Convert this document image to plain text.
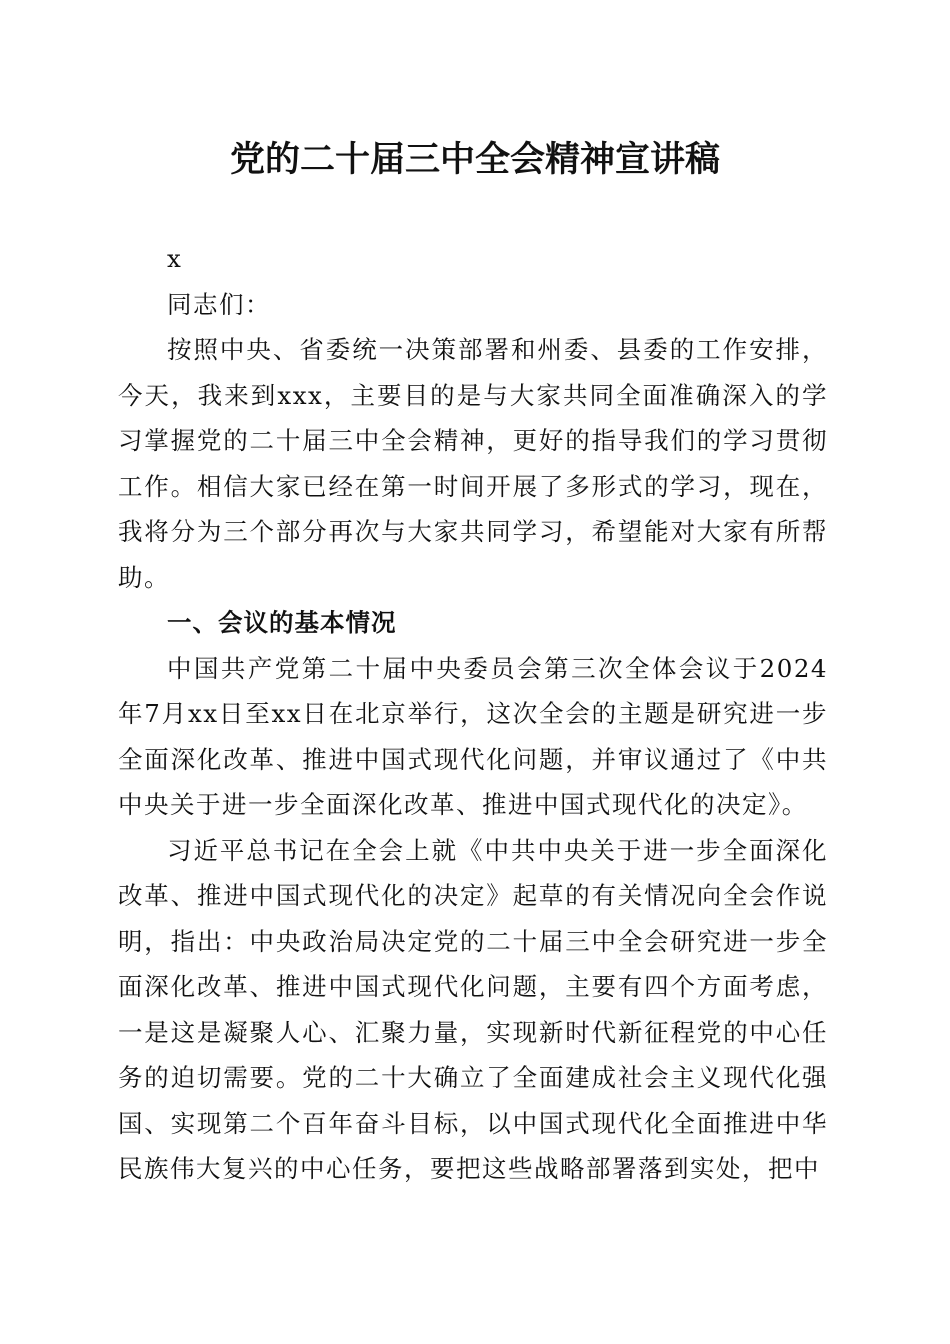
党的二十届三中全会精神宣讲稿

x

同志们：

按照中央、省委统一决策部署和州委、县委的工作安排，今天，我来到xxx，主要目的是与大家共同全面准确深入的学习掌握党的二十届三中全会精神，更好的指导我们的学习贯彻工作。相信大家已经在第一时间开展了多形式的学习，现在，我将分为三个部分再次与大家共同学习，希望能对大家有所帮助。

一、会议的基本情况

中国共产党第二十届中央委员会第三次全体会议于2024年7月xx日至xx日在北京举行，这次全会的主题是研究进一步全面深化改革、推进中国式现代化问题，并审议通过了《中共中央关于进一步全面深化改革、推进中国式现代化的决定》。

习近平总书记在全会上就《中共中央关于进一步全面深化改革、推进中国式现代化的决定》起草的有关情况向全会作说明，指出：中央政治局决定党的二十届三中全会研究进一步全面深化改革、推进中国式现代化问题，主要有四个方面考虑，一是这是凝聚人心、汇聚力量，实现新时代新征程党的中心任务的迫切需要。党的二十大确立了全面建成社会主义现代化强国、实现第二个百年奋斗目标，以中国式现代化全面推进中华民族伟大复兴的中心任务，要把这些战略部署落到实处，把中
